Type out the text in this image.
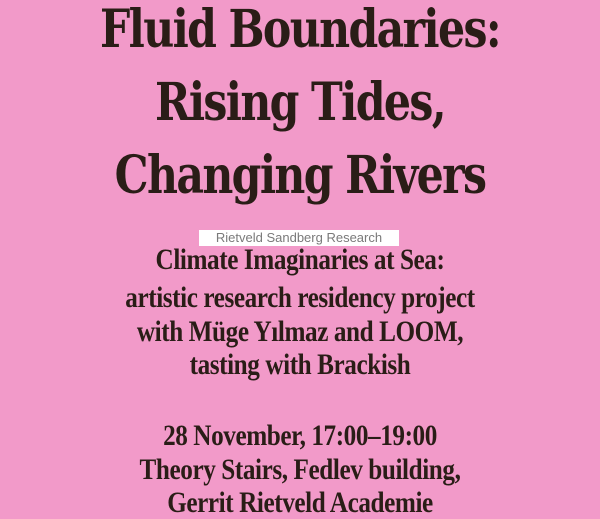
Fluid Boundaries:
Rising Tides,
Changing Rivers
Rietveld Sandberg Research
Climate Imaginaries at Sea:
artistic research residency project
with Müge Yılmaz and LOOM,
tasting with Brackish
28 November, 17:00–19:00
Theory Stairs, Fedlev building,
Gerrit Rietveld Academie
